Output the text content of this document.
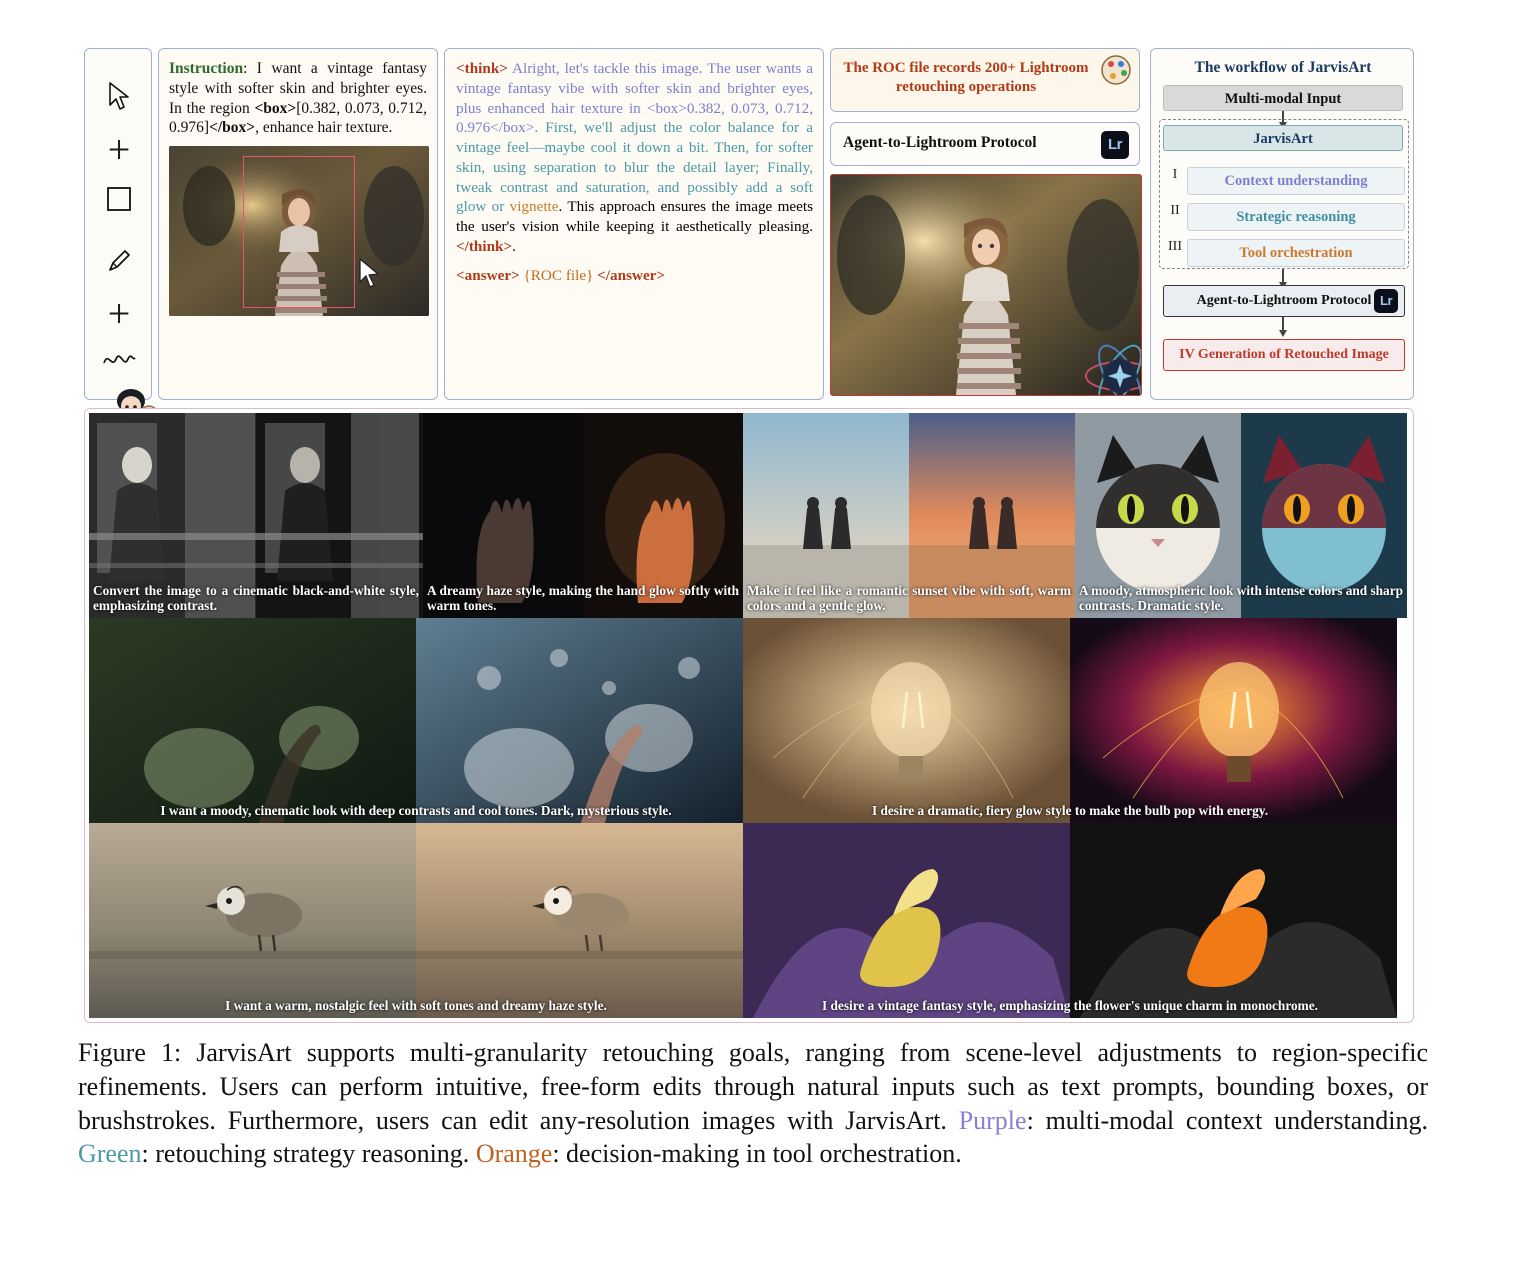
+
+
Instruction: I want a vintage fantasy style with softer skin and brighter eyes. In the region <box>[0.382, 0.073, 0.712, 0.976]</box>, enhance hair texture.
<think> Alright, let's tackle this image. The user wants a vintage fantasy vibe with softer skin and brighter eyes, plus enhanced hair texture in <box>0.382, 0.073, 0.712, 0.976</box>. First, we'll adjust the color balance for a vintage feel—maybe cool it down a bit. Then, for softer skin, using separation to blur the detail layer; Finally, tweak contrast and saturation, and possibly add a soft glow or vignette. This approach ensures the image meets the user's vision while keeping it aesthetically pleasing. </think>.
<answer> {ROC file} </answer>
The ROC file records 200+ Lightroom retouching operations
Agent-to-Lightroom Protocol	Lr
The workflow of JarvisArt
Multi-modal Input
JarvisArt
I	Context understanding
II	Strategic reasoning
III	Tool orchestration
Agent-to-Lightroom Protocol Lr
IV Generation of Retouched Image
Convert the image to a cinematic black-and-white style, emphasizing contrast.
A dreamy haze style, making the hand glow softly with warm tones.
Make it feel like a romantic sunset vibe with soft, warm colors and a gentle glow.
A moody, atmospheric look with intense colors and sharp contrasts. Dramatic style.
I want a moody, cinematic look with deep contrasts and cool tones. Dark, mysterious style.	I desire a dramatic, fiery glow style to make the bulb pop with energy.
I want a warm, nostalgic feel with soft tones and dreamy haze style.	I desire a vintage fantasy style, emphasizing the flower's unique charm in monochrome.
Figure 1: JarvisArt supports multi-granularity retouching goals, ranging from scene-level adjustments to region-specific refinements. Users can perform intuitive, free-form edits through natural inputs such as text prompts, bounding boxes, or brushstrokes. Furthermore, users can edit any-resolution images with JarvisArt. Purple: multi-modal context understanding. Green: retouching strategy reasoning. Orange: decision-making in tool orchestration.
